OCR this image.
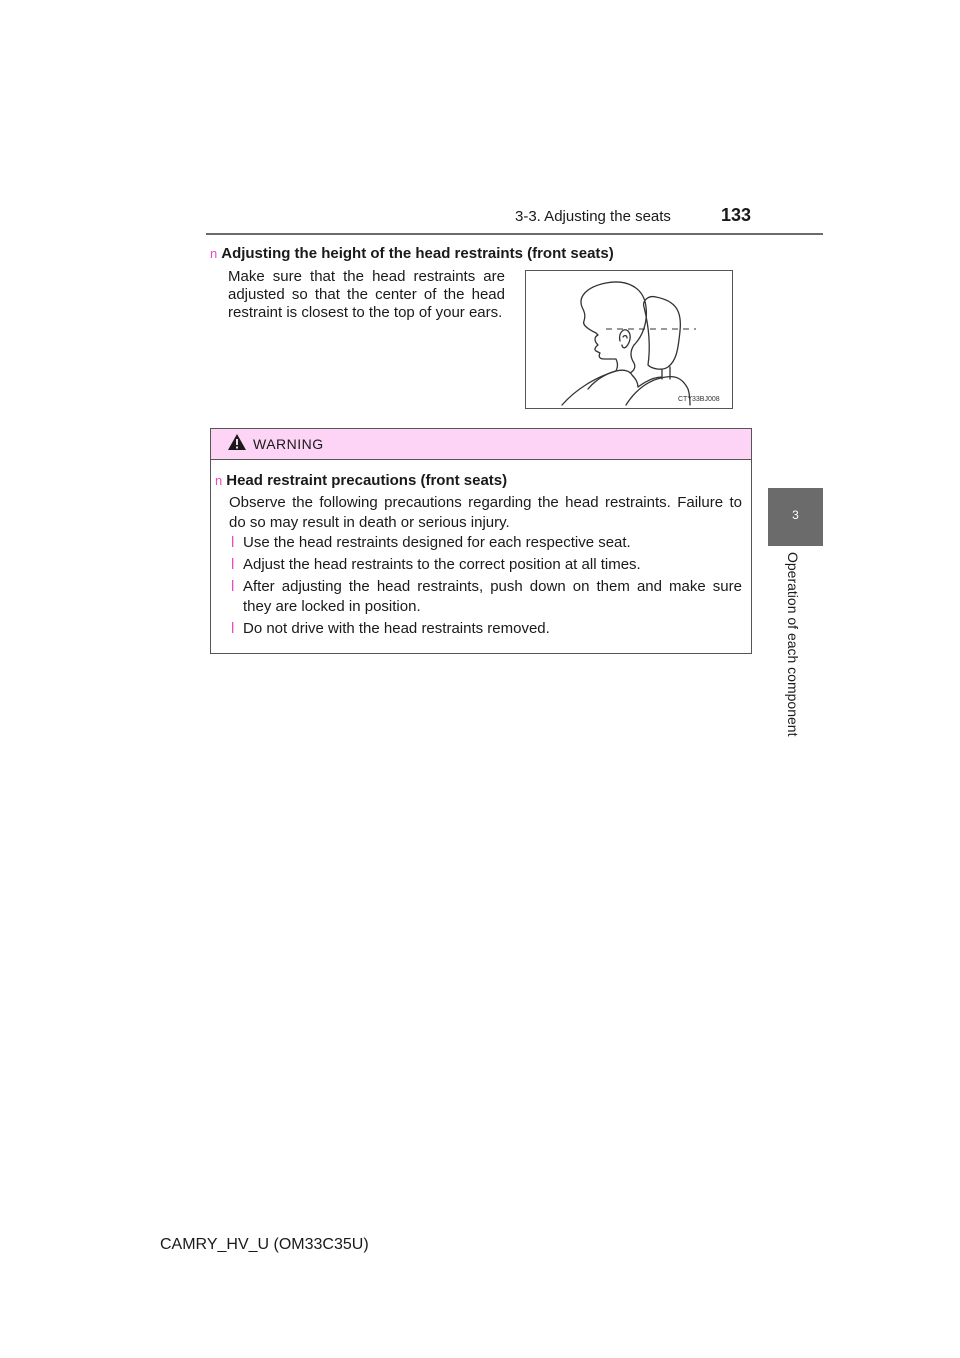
3-3. Adjusting the seats	133
3
Operation of each component
n Adjusting the height of the head restraints (front seats)
Make sure that the head restraints are adjusted so that the center of the head restraint is closest to the top of your ears.
CTY33BJ008
WARNING
n Head restraint precautions (front seats)
Observe the following precautions regarding the head restraints. Failure to do so may result in death or serious injury.
l Use the head restraints designed for each respective seat.
l Adjust the head restraints to the correct position at all times.
l After adjusting the head restraints, push down on them and make sure they are locked in position.
l Do not drive with the head restraints removed.
CAMRY_HV_U (OM33C35U)
